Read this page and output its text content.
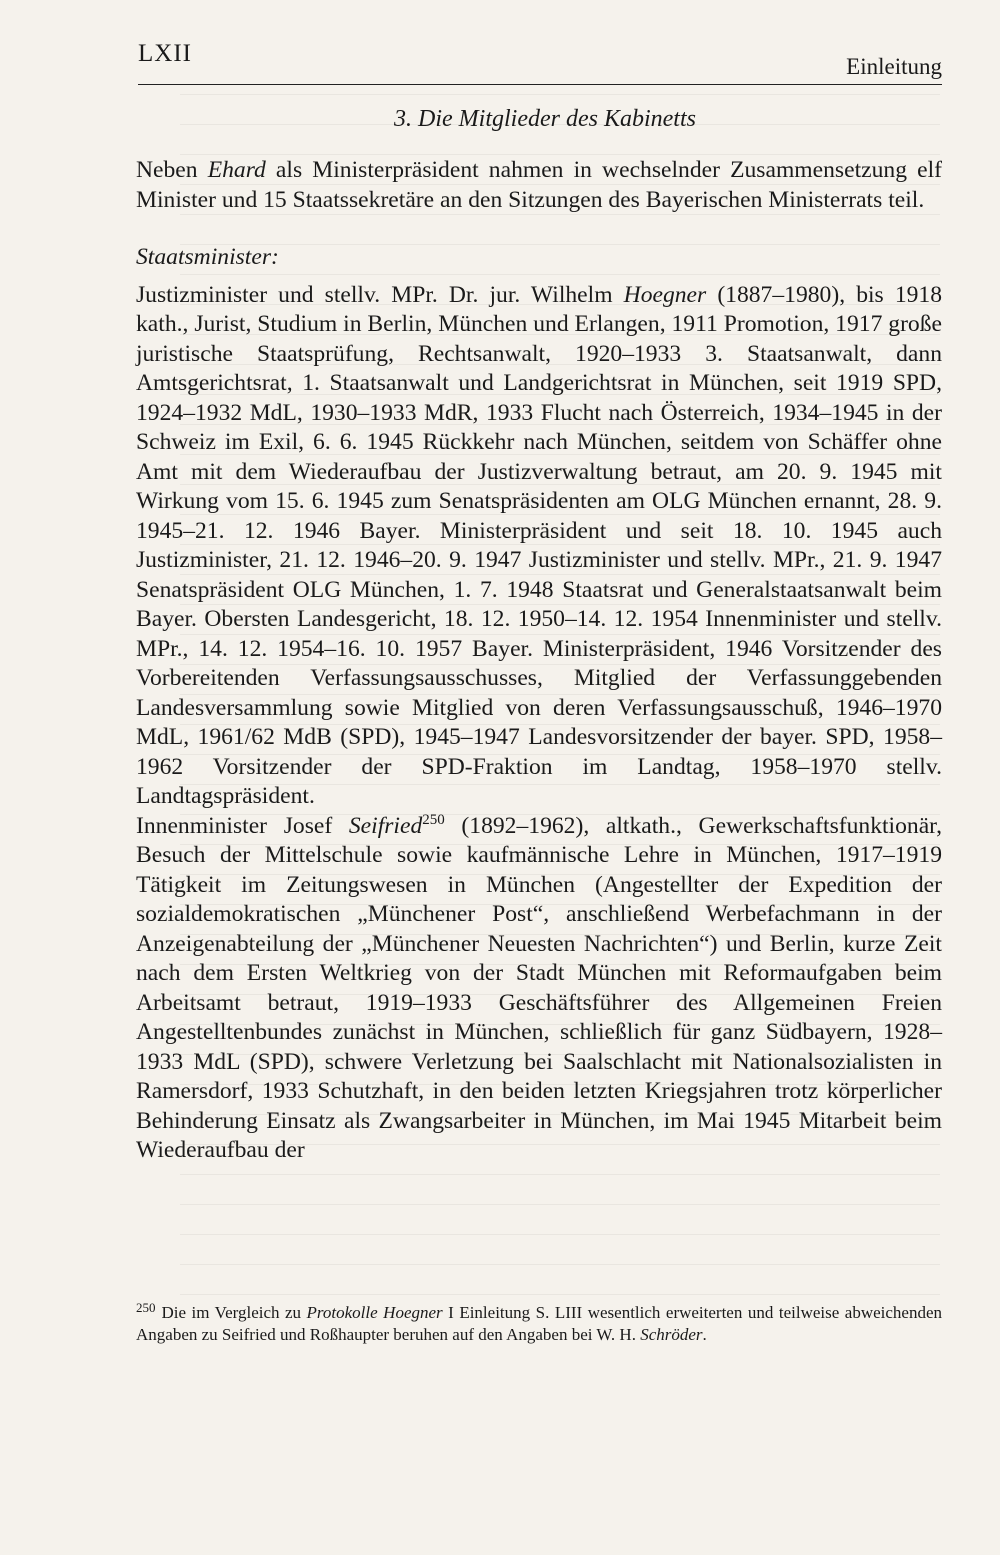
LXII	Einleitung
3. Die Mitglieder des Kabinetts

Neben Ehard als Ministerpräsident nahmen in wechselnder Zusammensetzung elf Minister und 15 Staatssekretäre an den Sitzungen des Bayerischen Ministerrats teil.

Staatsminister:

Justizminister und stellv. MPr. Dr. jur. Wilhelm Hoegner (1887–1980), bis 1918 kath., Jurist, Studium in Berlin, München und Erlangen, 1911 Promotion, 1917 große juristische Staatsprüfung, Rechtsanwalt, 1920–1933 3. Staatsanwalt, dann Amtsgerichtsrat, 1. Staatsanwalt und Landgerichtsrat in München, seit 1919 SPD, 1924–1932 MdL, 1930–1933 MdR, 1933 Flucht nach Österreich, 1934–1945 in der Schweiz im Exil, 6. 6. 1945 Rückkehr nach München, seitdem von Schäffer ohne Amt mit dem Wiederaufbau der Justizverwaltung betraut, am 20. 9. 1945 mit Wirkung vom 15. 6. 1945 zum Senatspräsidenten am OLG München ernannt, 28. 9. 1945–21. 12. 1946 Bayer. Ministerpräsident und seit 18. 10. 1945 auch Justizminister, 21. 12. 1946–20. 9. 1947 Justizminister und stellv. MPr., 21. 9. 1947 Senatspräsident OLG München, 1. 7. 1948 Staatsrat und Generalstaatsanwalt beim Bayer. Obersten Landesgericht, 18. 12. 1950–14. 12. 1954 Innenminister und stellv. MPr., 14. 12. 1954–16. 10. 1957 Bayer. Ministerpräsident, 1946 Vorsitzender des Vorbereitenden Verfassungsausschusses, Mitglied der Verfassunggebenden Landesversammlung sowie Mitglied von deren Verfassungsausschuß, 1946–1970 MdL, 1961/62 MdB (SPD), 1945–1947 Landesvorsitzender der bayer. SPD, 1958–1962 Vorsitzender der SPD-Fraktion im Landtag, 1958–1970 stellv. Landtagspräsident.

Innenminister Josef Seifried$^{250}$ (1892–1962), altkath., Gewerkschaftsfunktionär, Besuch der Mittelschule sowie kaufmännische Lehre in München, 1917–1919 Tätigkeit im Zeitungswesen in München (Angestellter der Expedition der sozialdemokratischen „Münchener Post“, anschließend Werbefachmann in der Anzeigenabteilung der „Münchener Neuesten Nachrichten“) und Berlin, kurze Zeit nach dem Ersten Weltkrieg von der Stadt München mit Reformaufgaben beim Arbeitsamt betraut, 1919–1933 Geschäftsführer des Allgemeinen Freien Angestelltenbundes zunächst in München, schließlich für ganz Südbayern, 1928–1933 MdL (SPD), schwere Verletzung bei Saalschlacht mit Nationalsozialisten in Ramersdorf, 1933 Schutzhaft, in den beiden letzten Kriegsjahren trotz körperlicher Behinderung Einsatz als Zwangsarbeiter in München, im Mai 1945 Mitarbeit beim Wiederaufbau der

$^{250}$ Die im Vergleich zu Protokolle Hoegner I Einleitung S. LIII wesentlich erweiterten und teilweise abweichenden Angaben zu Seifried und Roßhaupter beruhen auf den Angaben bei W. H. Schröder.
